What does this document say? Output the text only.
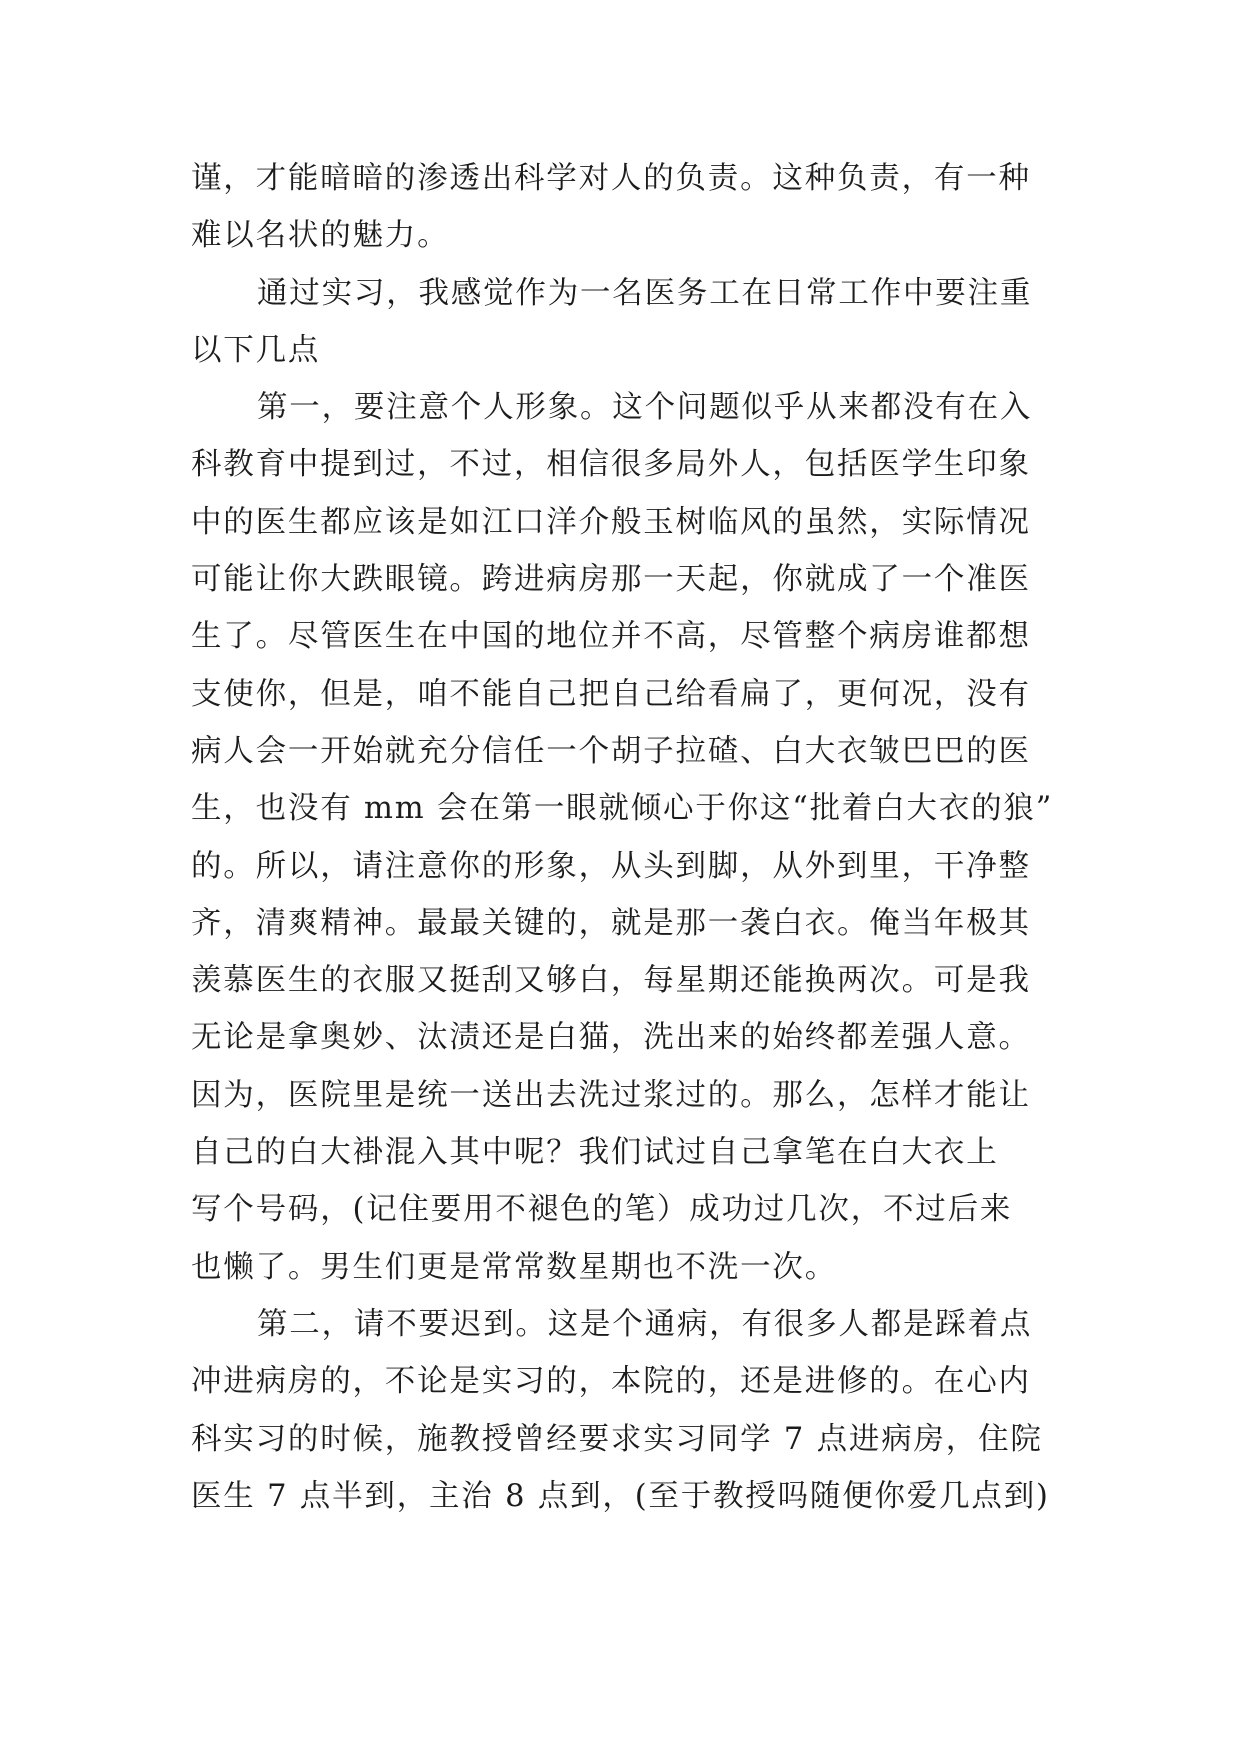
谨，才能暗暗的渗透出科学对人的负责。这种负责，有一种
难以名状的魅力。
通过实习，我感觉作为一名医务工在日常工作中要注重
以下几点
第一，要注意个人形象。这个问题似乎从来都没有在入
科教育中提到过，不过，相信很多局外人，包括医学生印象
中的医生都应该是如江口洋介般玉树临风的虽然，实际情况
可能让你大跌眼镜。跨进病房那一天起，你就成了一个准医
生了。尽管医生在中国的地位并不高，尽管整个病房谁都想
支使你，但是，咱不能自己把自己给看扁了，更何况，没有
病人会一开始就充分信任一个胡子拉碴、白大衣皱巴巴的医
生，也没有 mm 会在第一眼就倾心于你这“批着白大衣的狼”
的。所以，请注意你的形象，从头到脚，从外到里，干净整
齐，清爽精神。最最关键的，就是那一袭白衣。俺当年极其
羡慕医生的衣服又挺刮又够白，每星期还能换两次。可是我
无论是拿奥妙、汰渍还是白猫，洗出来的始终都差强人意。
因为，医院里是统一送出去洗过浆过的。那么，怎样才能让
自己的白大褂混入其中呢？我们试过自己拿笔在白大衣上
写个号码，(记住要用不褪色的笔）成功过几次，不过后来
也懒了。男生们更是常常数星期也不洗一次。
第二，请不要迟到。这是个通病，有很多人都是踩着点
冲进病房的，不论是实习的，本院的，还是进修的。在心内
科实习的时候，施教授曾经要求实习同学 7 点进病房，住院
医生 7 点半到，主治 8 点到，(至于教授吗随便你爱几点到)
